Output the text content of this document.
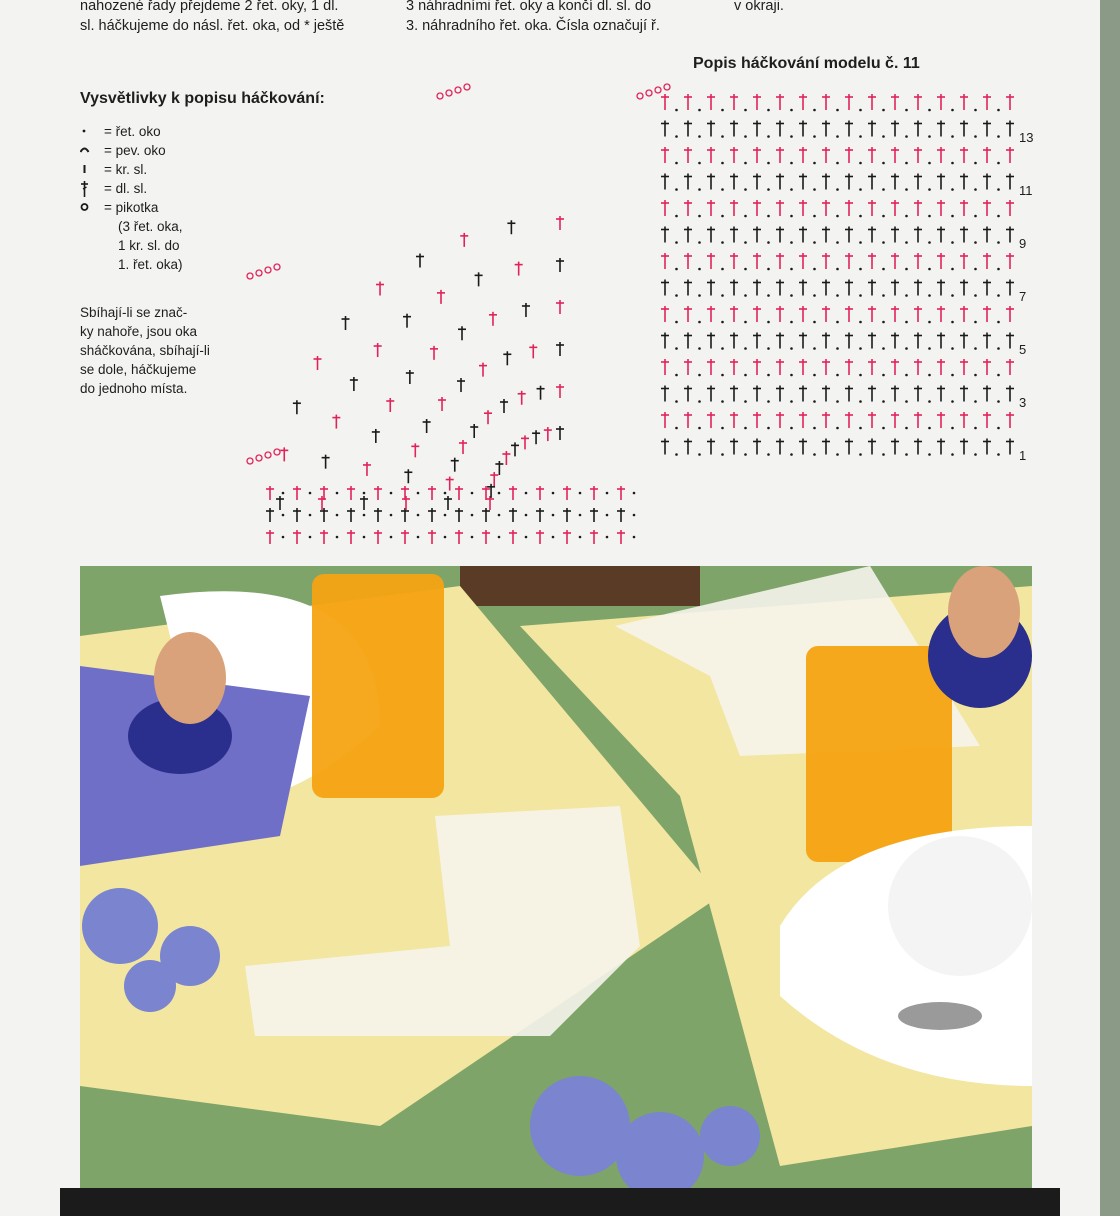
nahozené řady přejdeme 2 řet. oky, 1 dl.
sl. háčkujeme do násl. řet. oka, od * ještě
3 náhradními řet. oky a končí dl. sl. do
3. náhradního řet. oka. Čísla označují ř.
v okraji.
Popis háčkování modelu č. 11
Vysvětlivky k popisu háčkování:
= řet. oko
= pev. oko
= kr. sl.
= dl. sl.
= pikotka
(3 řet. oka,
1 kr. sl. do
1. řet. oka)
Sbíhají-li se znač-
ky nahoře, jsou oka
sháčkována, sbíhají-li
se dole, háčkujeme
do jednoho místa.
13
11
9
7
5
3
1
